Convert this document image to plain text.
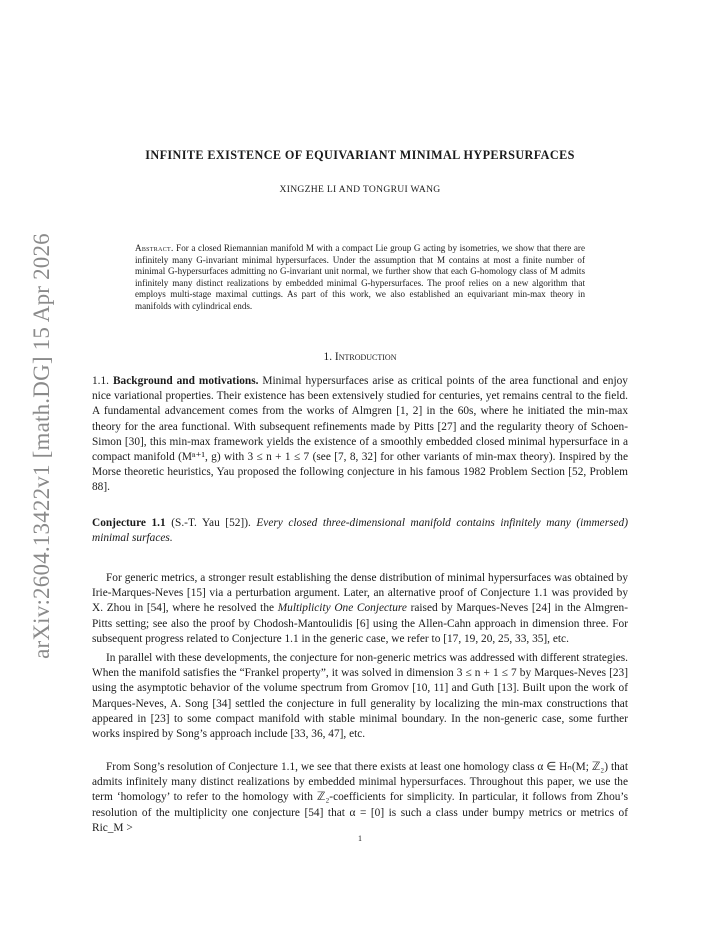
arXiv:2604.13422v1 [math.DG] 15 Apr 2026
INFINITE EXISTENCE OF EQUIVARIANT MINIMAL HYPERSURFACES
XINGZHE LI AND TONGRUI WANG
Abstract. For a closed Riemannian manifold M with a compact Lie group G acting by isometries, we show that there are infinitely many G-invariant minimal hypersurfaces. Under the assumption that M contains at most a finite number of minimal G-hypersurfaces admitting no G-invariant unit normal, we further show that each G-homology class of M admits infinitely many distinct realizations by embedded minimal G-hypersurfaces. The proof relies on a new algorithm that employs multi-stage maximal cuttings. As part of this work, we also established an equivariant min-max theory in manifolds with cylindrical ends.
1. Introduction

1.1. Background and motivations. Minimal hypersurfaces arise as critical points of the area functional and enjoy nice variational properties. Their existence has been extensively studied for centuries, yet remains central to the field. A fundamental advancement comes from the works of Almgren [1, 2] in the 60s, where he initiated the min-max theory for the area functional. With subsequent refinements made by Pitts [27] and the regularity theory of Schoen-Simon [30], this min-max framework yields the existence of a smoothly embedded closed minimal hypersurface in a compact manifold (Mⁿ⁺¹, g) with 3 ≤ n + 1 ≤ 7 (see [7, 8, 32] for other variants of min-max theory). Inspired by the Morse theoretic heuristics, Yau proposed the following conjecture in his famous 1982 Problem Section [52, Problem 88].

Conjecture 1.1 (S.-T. Yau [52]). Every closed three-dimensional manifold contains infinitely many (immersed) minimal surfaces.

For generic metrics, a stronger result establishing the dense distribution of minimal hypersurfaces was obtained by Irie-Marques-Neves [15] via a perturbation argument. Later, an alternative proof of Conjecture 1.1 was provided by X. Zhou in [54], where he resolved the Multiplicity One Conjecture raised by Marques-Neves [24] in the Almgren-Pitts setting; see also the proof by Chodosh-Mantoulidis [6] using the Allen-Cahn approach in dimension three. For subsequent progress related to Conjecture 1.1 in the generic case, we refer to [17, 19, 20, 25, 33, 35], etc.

In parallel with these developments, the conjecture for non-generic metrics was addressed with different strategies. When the manifold satisfies the “Frankel property”, it was solved in dimension 3 ≤ n + 1 ≤ 7 by Marques-Neves [23] using the asymptotic behavior of the volume spectrum from Gromov [10, 11] and Guth [13]. Built upon the work of Marques-Neves, A. Song [34] settled the conjecture in full generality by localizing the min-max constructions that appeared in [23] to some compact manifold with stable minimal boundary. In the non-generic case, some further works inspired by Song’s approach include [33, 36, 47], etc.

From Song’s resolution of Conjecture 1.1, we see that there exists at least one homology class α ∈ Hₙ(M; ℤ₂) that admits infinitely many distinct realizations by embedded minimal hypersurfaces. Throughout this paper, we use the term ‘homology’ to refer to the homology with ℤ₂-coefficients for simplicity. In particular, it follows from Zhou’s resolution of the multiplicity one conjecture [54] that α = [0] is such a class under bumpy metrics or metrics of Ric_M >

1
